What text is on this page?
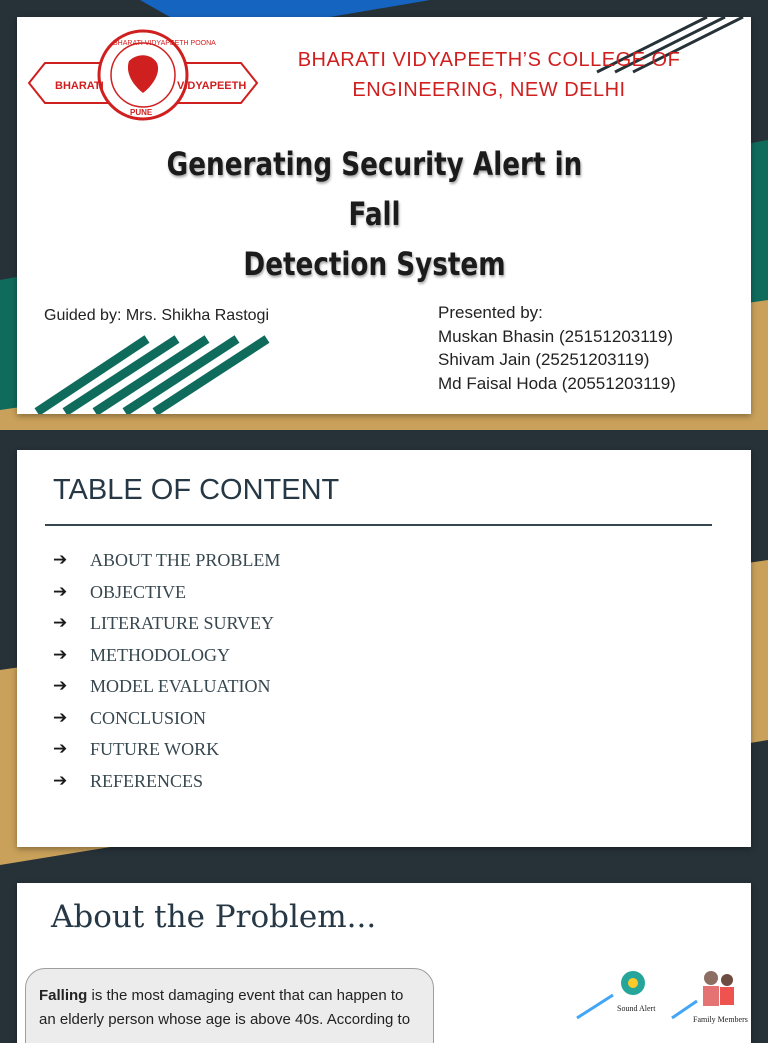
BHARATI	VIDYAPEETH
PUNE
BHARATI VIDYAPEETH POONA
BHARATI VIDYAPEETH’S COLLEGE OF
ENGINEERING, NEW DELHI
Generating Security Alert in Fall
Detection System
Guided by: Mrs. Shikha Rastogi	Presented by:
Muskan Bhasin (25151203119)
Shivam Jain (25251203119)
Md Faisal Hoda (20551203119)
TABLE OF CONTENT
➔	ABOUT THE PROBLEM
➔	OBJECTIVE
➔	LITERATURE SURVEY
➔	METHODOLOGY
➔	MODEL EVALUATION
➔	CONCLUSION
➔	FUTURE WORK
➔	REFERENCES
About the Problem...
Falling is the most damaging event that can happen to an elderly person whose age is above 40s. According to
Sound Alert
Family Members
